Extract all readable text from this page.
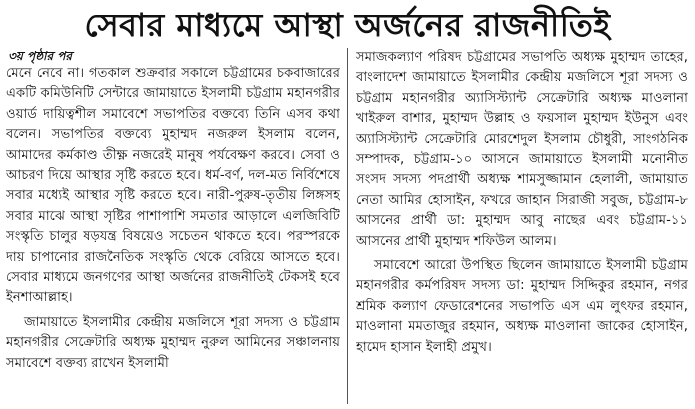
সেবার মাধ্যমে আস্থা অর্জনের রাজনীতিই
৩য় পৃষ্ঠার পর

মেনে নেবে না। গতকাল শুক্রবার সকালে চট্টগ্রামের চকবাজারের একটি কমিউনিটি সেন্টারে জামায়াতে ইসলামী চট্টগ্রাম মহানগরীর ওয়ার্ড দায়িত্বশীল সমাবেশে সভাপতির বক্তব্যে তিনি এসব কথা বলেন। সভাপতির বক্তব্যে মুহাম্মদ নজরুল ইসলাম বলেন, আমাদের কর্মকাণ্ড তীক্ষ্ণ নজরেই মানুষ পর্যবেক্ষণ করবে। সেবা ও আচরণ দিয়ে আস্থার সৃষ্টি করতে হবে। ধর্ম-বর্ণ, দল-মত নির্বিশেষে সবার মধ্যেই আস্থার সৃষ্টি করতে হবে। নারী-পুরুষ-তৃতীয় লিঙ্গসহ সবার মাঝে আস্থা সৃষ্টির পাশাপাশি সমতার আড়ালে এলজিবিটি সংস্কৃতি চালুর ষড়যন্ত্র বিষয়েও সচেতন থাকতে হবে। পরস্পরকে দায় চাপানোর রাজনৈতিক সংস্কৃতি থেকে বেরিয়ে আসতে হবে। সেবার মাধ্যমে জনগণের আস্থা অর্জনের রাজনীতিই টেকসই হবে ইনশাআল্লাহ।

জামায়াতে ইসলামীর কেন্দ্রীয় মজলিসে শূরা সদস্য ও চট্টগ্রাম মহানগরীর সেক্রেটারি অধ্যক্ষ মুহাম্মদ নুরুল আমিনের সঞ্চালনায় সমাবেশে বক্তব্য রাখেন ইসলামী

সমাজকল্যাণ পরিষদ চট্টগ্রামের সভাপতি অধ্যক্ষ মুহাম্মদ তাহের, বাংলাদেশ জামায়াতে ইসলামীর কেন্দ্রীয় মজলিসে শূরা সদস্য ও চট্টগ্রাম মহানগরীর অ্যাসিস্ট্যান্ট সেক্রেটারি অধ্যক্ষ মাওলানা খাইরুল বাশার, মুহাম্মদ উল্লাহ ও ফয়সাল মুহাম্মদ ইউনুস এবং অ্যাসিস্ট্যান্ট সেক্রেটারি মোরশেদুল ইসলাম চৌধুরী, সাংগঠনিক সম্পাদক, চট্টগ্রাম-১০ আসনে জামায়াতে ইসলামী মনোনীত সংসদ সদস্য পদপ্রার্থী অধ্যক্ষ শামসুজ্জামান হেলালী, জামায়াত নেতা আমির হোসাইন, ফখরে জাহান সিরাজী সবুজ, চট্টগ্রাম-৮ আসনের প্রার্থী ডা: মুহাম্মদ আবু নাছের এবং চট্টগ্রাম-১১ আসনের প্রার্থী মুহাম্মদ শফিউল আলম।

সমাবেশে আরো উপস্থিত ছিলেন জামায়াতে ইসলামী চট্টগ্রাম মহানগরীর কর্মপরিষদ সদস্য ডা: মুহাম্মদ সিদ্দিকুর রহমান, নগর শ্রমিক কল্যাণ ফেডারেশনের সভাপতি এস এম লুৎফর রহমান, মাওলানা মমতাজুর রহমান, অধ্যক্ষ মাওলানা জাকের হোসাইন, হামেদ হাসান ইলাহী প্রমুখ।
